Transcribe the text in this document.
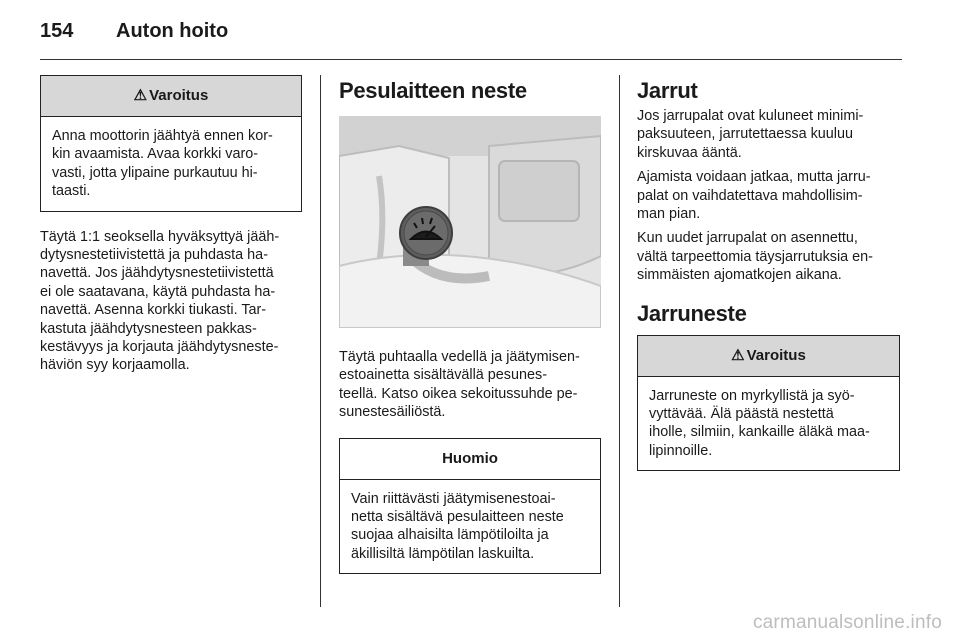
154 Auton hoito
⚠ Varoitus
Anna moottorin jäähtyä ennen kor-
kin avaamista. Avaa korkki varo-
vasti, jotta ylipaine purkautuu hi-
taasti.

Täytä 1:1 seoksella hyväksyttyä jääh-

dytysnestetiivistettä ja puhdasta ha-

navettä. Jos jäähdytysnestetiivistettä

ei ole saatavana, käytä puhdasta ha-

navettä. Asenna korkki tiukasti. Tar-

kastuta jäähdytysnesteen pakkas-

kestävyys ja korjauta jäähdytysneste-

häviön syy korjaamolla.

Pesulaitteen neste

Täytä puhtaalla vedellä ja jäätymisen-

estoainetta sisältävällä pesunes-

teellä. Katso oikea sekoitussuhde pe-

sunestesäiliöstä.

Huomio
Vain riittävästi jäätymisenestoai-
netta sisältävä pesulaitteen neste
suojaa alhaisilta lämpötiloilta ja
äkillisiltä lämpötilan laskuilta.
Jarrut

Jos jarrupalat ovat kuluneet minimi-

paksuuteen, jarrutettaessa kuuluu

kirskuvaa ääntä.

Ajamista voidaan jatkaa, mutta jarru-

palat on vaihdatettava mahdollisim-

man pian.

Kun uudet jarrupalat on asennettu,

vältä tarpeettomia täysjarrutuksia en-

simmäisten ajomatkojen aikana.

Jarruneste
⚠ Varoitus
Jarruneste on myrkyllistä ja syö-
vyttävää. Älä päästä nestettä
iholle, silmiin, kankaille äläkä maa-
lipinnoille.
carmanualsonline.info
